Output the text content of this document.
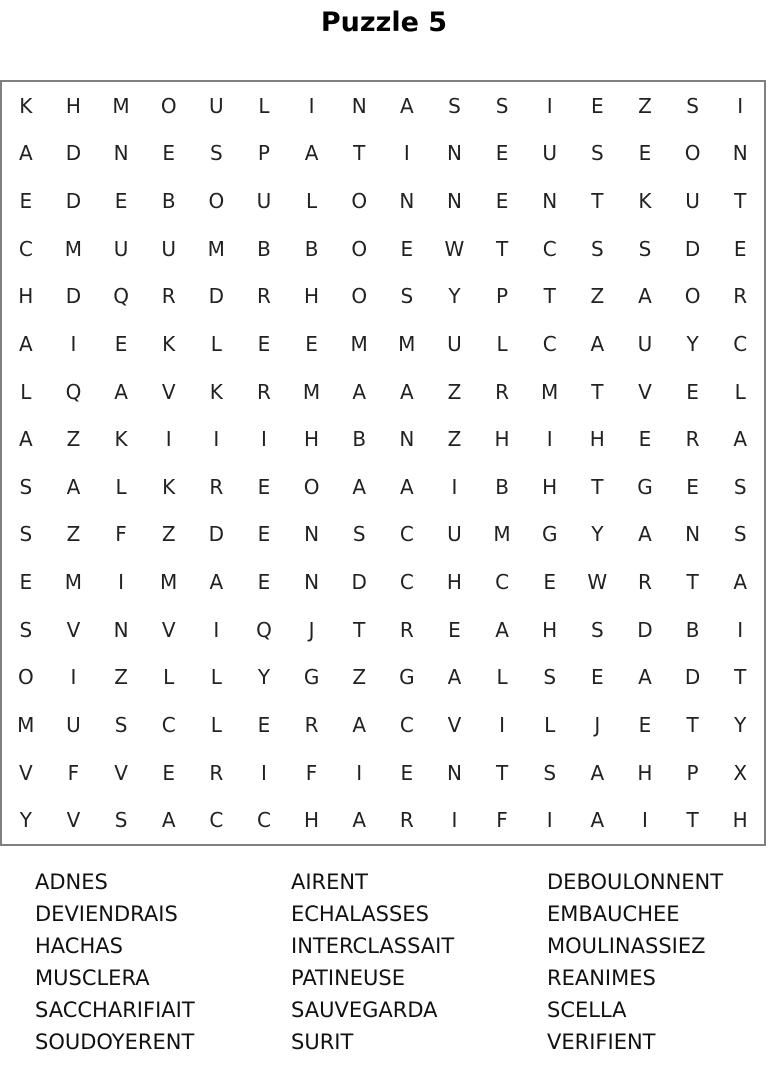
Puzzle 5
K	H	M	O	U	L	I	N	A	S	S	I	E	Z	S	I
A	D	N	E	S	P	A	T	I	N	E	U	S	E	O	N
E	D	E	B	O	U	L	O	N	N	E	N	T	K	U	T
C	M	U	U	M	B	B	O	E	W	T	C	S	S	D	E
H	D	Q	R	D	R	H	O	S	Y	P	T	Z	A	O	R
A	I	E	K	L	E	E	M	M	U	L	C	A	U	Y	C
L	Q	A	V	K	R	M	A	A	Z	R	M	T	V	E	L
A	Z	K	I	I	I	H	B	N	Z	H	I	H	E	R	A
S	A	L	K	R	E	O	A	A	I	B	H	T	G	E	S
S	Z	F	Z	D	E	N	S	C	U	M	G	Y	A	N	S
E	M	I	M	A	E	N	D	C	H	C	E	W	R	T	A
S	V	N	V	I	Q	J	T	R	E	A	H	S	D	B	I
O	I	Z	L	L	Y	G	Z	G	A	L	S	E	A	D	T
M	U	S	C	L	E	R	A	C	V	I	L	J	E	T	Y
V	F	V	E	R	I	F	I	E	N	T	S	A	H	P	X
Y	V	S	A	C	C	H	A	R	I	F	I	A	I	T	H
ADNES
DEVIENDRAIS
HACHAS
MUSCLERA
SACCHARIFIAIT
SOUDOYERENT
AIRENT
ECHALASSES
INTERCLASSAIT
PATINEUSE
SAUVEGARDA
SURIT
DEBOULONNENT
EMBAUCHEE
MOULINASSIEZ
REANIMES
SCELLA
VERIFIENT
